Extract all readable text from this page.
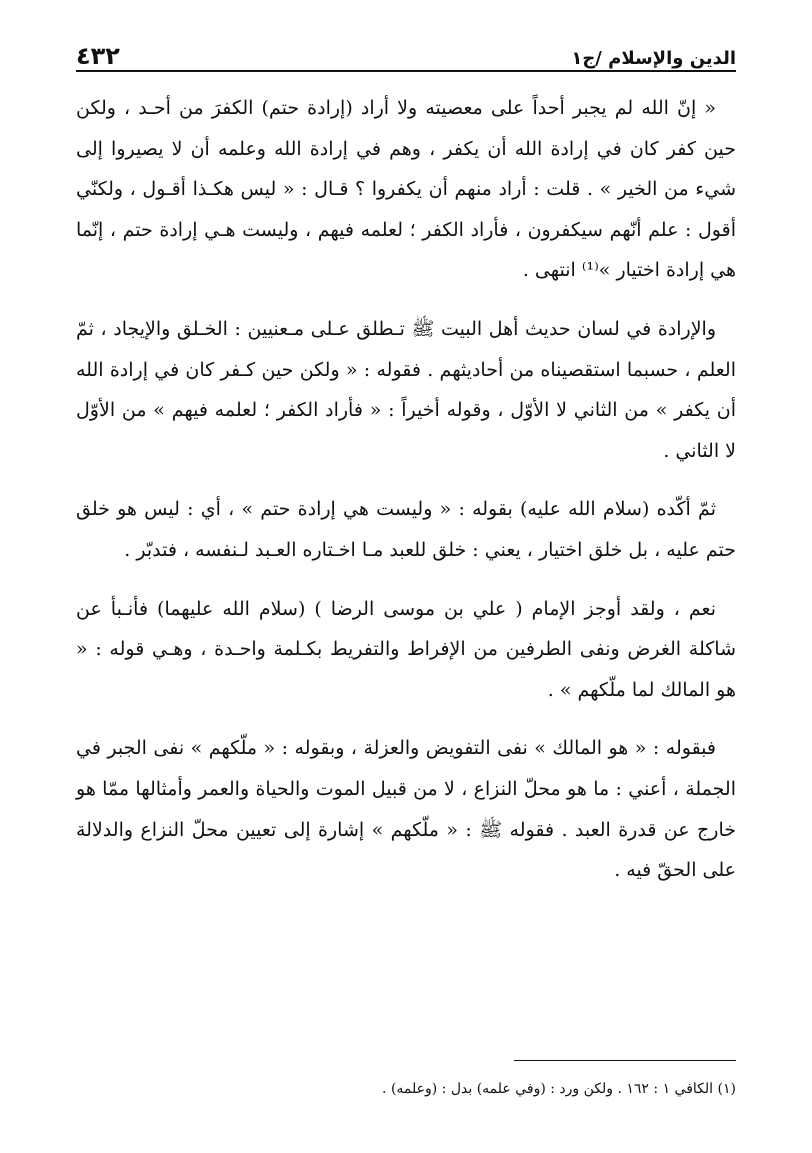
الدين والإسلام /ج١
٤٣٢

« إنّ الله لم يجبر أحداً على معصيته ولا أراد (إرادة حتم) الكفرَ من أحـد ، ولكن حين كفر كان في إرادة الله أن يكفر ، وهم في إرادة الله وعلمه أن لا يصيروا إلى شيء من الخير » . قلت : أراد منهم أن يكفروا ؟ قـال : « ليس هكـذا أقـول ، ولكنّي أقول : علم أنّهم سيكفرون ، فأراد الكفر ؛ لعلمه فيهم ، وليست هـي إرادة حتم ، إنّما هي إرادة اختيار »⁽¹⁾ انتهى .

والإرادة في لسان حديث أهل البيت ﷺ تـطلق عـلى مـعنيين : الخـلق والإيجاد ، ثمّ العلم ، حسبما استقصيناه من أحاديثهم . فقوله : « ولكن حين كـفر كان في إرادة الله أن يكفر » من الثاني لا الأوّل ، وقوله أخيراً : « فأراد الكفر ؛ لعلمه فيهم » من الأوّل لا الثاني .

ثمّ أكّده (سلام الله عليه) بقوله : « وليست هي إرادة حتم » ، أي : ليس هو خلق حتم عليه ، بل خلق اختيار ، يعني : خلق للعبد مـا اخـتاره العـبد لـنفسه ، فتدبّر .

نعم ، ولقد أوجز الإمام ( علي بن موسى الرضا ) (سلام الله عليهما) فأنـبأ عن شاكلة الغرض ونفى الطرفين من الإفراط والتفريط بكـلمة واحـدة ، وهـي قوله : « هو المالك لما ملّكهم » .

فبقوله : « هو المالك » نفى التفويض والعزلة ، وبقوله : « ملّكهم » نفى الجبر في الجملة ، أعني : ما هو محلّ النزاع ، لا من قبيل الموت والحياة والعمر وأمثالها ممّا هو خارج عن قدرة العبد . فقوله ﷺ : « ملّكهم » إشارة إلى تعيين محلّ النزاع والدلالة على الحقّ فيه .

(١) الكافي ١ : ١٦٢ . ولكن ورد : (وفي علمه) بدل : (وعلمه) .
